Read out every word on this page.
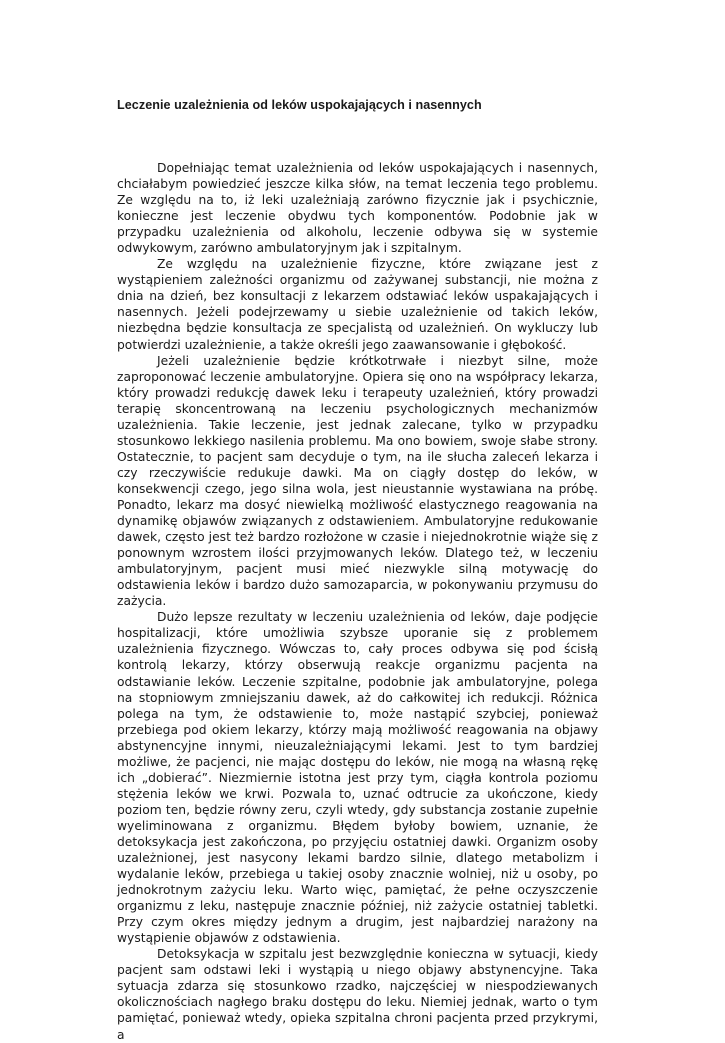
Leczenie uzależnienia od leków uspokajających i nasennych

Dopełniając temat uzależnienia od leków uspokajających i nasennych, chciałabym powiedzieć jeszcze kilka słów, na temat leczenia tego problemu. Ze względu na to, iż leki uzależniają zarówno fizycznie jak i psychicznie, konieczne jest leczenie obydwu tych komponentów. Podobnie jak w przypadku uzależnienia od alkoholu, leczenie odbywa się w systemie odwykowym, zarówno ambulatoryjnym jak i szpitalnym.

Ze względu na uzależnienie fizyczne, które związane jest z wystąpieniem zależności organizmu od zażywanej substancji, nie można z dnia na dzień, bez konsultacji z lekarzem odstawiać leków uspakajających i nasennych. Jeżeli podejrzewamy u siebie uzależnienie od takich leków, niezbędna będzie konsultacja ze specjalistą od uzależnień. On wykluczy lub potwierdzi uzależnienie, a także określi jego zaawansowanie i głębokość.

Jeżeli uzależnienie będzie krótkotrwałe i niezbyt silne, może zaproponować leczenie ambulatoryjne. Opiera się ono na współpracy lekarza, który prowadzi redukcję dawek leku i terapeuty uzależnień, który prowadzi terapię skoncentrowaną na leczeniu psychologicznych mechanizmów uzależnienia. Takie leczenie, jest jednak zalecane, tylko w przypadku stosunkowo lekkiego nasilenia problemu. Ma ono bowiem, swoje słabe strony. Ostatecznie, to pacjent sam decyduje o tym, na ile słucha zaleceń lekarza i czy rzeczywiście redukuje dawki. Ma on ciągły dostęp do leków, w konsekwencji czego, jego silna wola, jest nieustannie wystawiana na próbę. Ponadto, lekarz ma dosyć niewielką możliwość elastycznego reagowania na dynamikę objawów związanych z odstawieniem. Ambulatoryjne redukowanie dawek, często jest też bardzo rozłożone w czasie i niejednokrotnie wiąże się z ponownym wzrostem ilości przyjmowanych leków. Dlatego też, w leczeniu ambulatoryjnym, pacjent musi mieć niezwykle silną motywację do odstawienia leków i bardzo dużo samozaparcia, w pokonywaniu przymusu do zażycia.

Dużo lepsze rezultaty w leczeniu uzależnienia od leków, daje podjęcie hospitalizacji, które umożliwia szybsze uporanie się z problemem uzależnienia fizycznego. Wówczas to, cały proces odbywa się pod ścisłą kontrolą lekarzy, którzy obserwują reakcje organizmu pacjenta na odstawianie leków. Leczenie szpitalne, podobnie jak ambulatoryjne, polega na stopniowym zmniejszaniu dawek, aż do całkowitej ich redukcji. Różnica polega na tym, że odstawienie to, może nastąpić szybciej, ponieważ przebiega pod okiem lekarzy, którzy mają możliwość reagowania na objawy abstynencyjne innymi, nieuzależniającymi lekami. Jest to tym bardziej możliwe, że pacjenci, nie mając dostępu do leków, nie mogą na własną rękę ich „dobierać”. Niezmiernie istotna jest przy tym, ciągła kontrola poziomu stężenia leków we krwi. Pozwala to, uznać odtrucie za ukończone, kiedy poziom ten, będzie równy zeru, czyli wtedy, gdy substancja zostanie zupełnie wyeliminowana z organizmu. Błędem byłoby bowiem, uznanie, że detoksykacja jest zakończona, po przyjęciu ostatniej dawki. Organizm osoby uzależnionej, jest nasycony lekami bardzo silnie, dlatego metabolizm i wydalanie leków, przebiega u takiej osoby znacznie wolniej, niż u osoby, po jednokrotnym zażyciu leku. Warto więc, pamiętać, że pełne oczyszczenie organizmu z leku, następuje znacznie później, niż zażycie ostatniej tabletki. Przy czym okres między jednym a drugim, jest najbardziej narażony na wystąpienie objawów z odstawienia.

Detoksykacja w szpitalu jest bezwzględnie konieczna w sytuacji, kiedy pacjent sam odstawi leki i wystąpią u niego objawy abstynencyjne. Taka sytuacja zdarza się stosunkowo rzadko, najczęściej w niespodziewanych okolicznościach nagłego braku dostępu do leku. Niemiej jednak, warto o tym pamiętać, ponieważ wtedy, opieka szpitalna chroni pacjenta przed przykrymi, a
